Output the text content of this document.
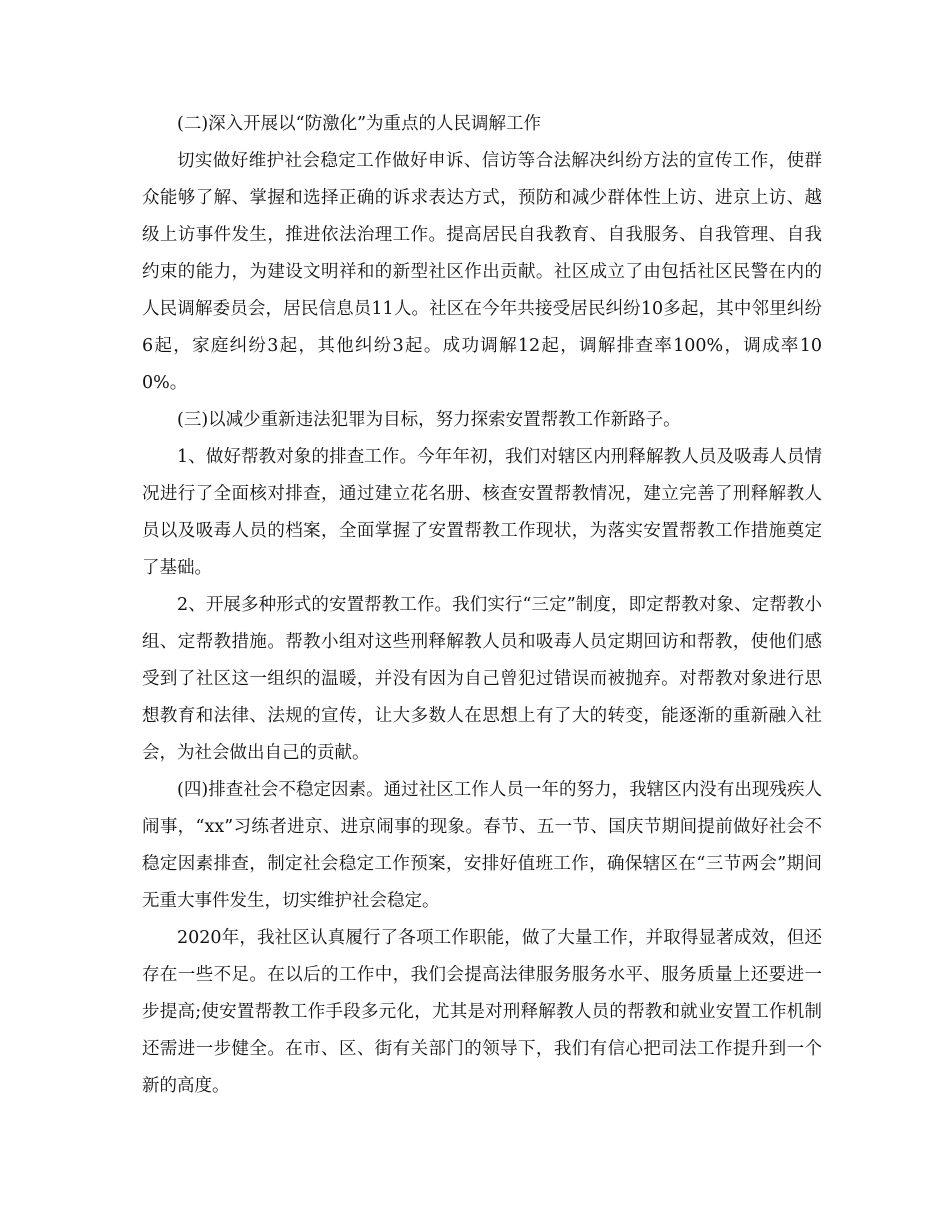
(二)深入开展以“防激化”为重点的人民调解工作

切实做好维护社会稳定工作做好申诉、信访等合法解决纠纷方法的宣传工作，使群众能够了解、掌握和选择正确的诉求表达方式，预防和减少群体性上访、进京上访、越级上访事件发生，推进依法治理工作。提高居民自我教育、自我服务、自我管理、自我约束的能力，为建设文明祥和的新型社区作出贡献。社区成立了由包括社区民警在内的人民调解委员会，居民信息员11人。社区在今年共接受居民纠纷10多起，其中邻里纠纷6起，家庭纠纷3起，其他纠纷3起。成功调解12起，调解排查率100%，调成率100%。

(三)以减少重新违法犯罪为目标，努力探索安置帮教工作新路子。

1、做好帮教对象的排查工作。今年年初，我们对辖区内刑释解教人员及吸毒人员情况进行了全面核对排查，通过建立花名册、核查安置帮教情况，建立完善了刑释解教人员以及吸毒人员的档案，全面掌握了安置帮教工作现状，为落实安置帮教工作措施奠定了基础。

2、开展多种形式的安置帮教工作。我们实行“三定”制度，即定帮教对象、定帮教小组、定帮教措施。帮教小组对这些刑释解教人员和吸毒人员定期回访和帮教，使他们感受到了社区这一组织的温暖，并没有因为自己曾犯过错误而被抛弃。对帮教对象进行思想教育和法律、法规的宣传，让大多数人在思想上有了大的转变，能逐渐的重新融入社会，为社会做出自己的贡献。

(四)排查社会不稳定因素。通过社区工作人员一年的努力，我辖区内没有出现残疾人闹事，“xx”习练者进京、进京闹事的现象。春节、五一节、国庆节期间提前做好社会不稳定因素排查，制定社会稳定工作预案，安排好值班工作，确保辖区在“三节两会”期间无重大事件发生，切实维护社会稳定。

2020年，我社区认真履行了各项工作职能，做了大量工作，并取得显著成效，但还存在一些不足。在以后的工作中，我们会提高法律服务服务水平、服务质量上还要进一步提高;使安置帮教工作手段多元化，尤其是对刑释解教人员的帮教和就业安置工作机制还需进一步健全。在市、区、街有关部门的领导下，我们有信心把司法工作提升到一个新的高度。
